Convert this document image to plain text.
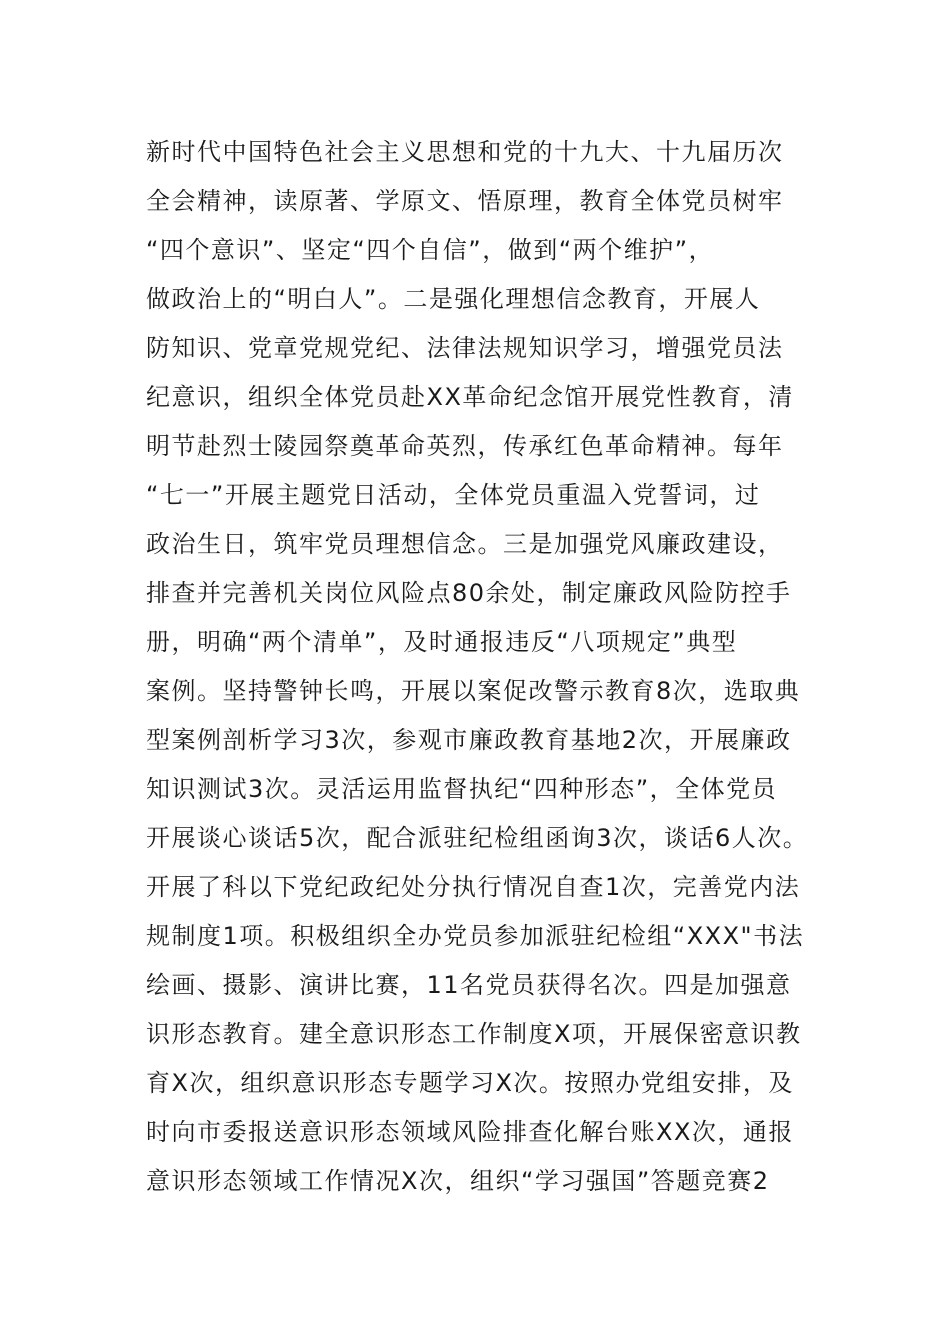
新时代中国特色社会主义思想和党的十九大、十九届历次
全会精神，读原著、学原文、悟原理，教育全体党员树牢
“四个意识”、坚定“四个自信”，做到“两个维护”，
做政治上的“明白人”。二是强化理想信念教育，开展人
防知识、党章党规党纪、法律法规知识学习，增强党员法
纪意识，组织全体党员赴XX革命纪念馆开展党性教育，清
明节赴烈士陵园祭奠革命英烈，传承红色革命精神。每年
“七一”开展主题党日活动，全体党员重温入党誓词，过
政治生日，筑牢党员理想信念。三是加强党风廉政建设，
排查并完善机关岗位风险点80余处，制定廉政风险防控手
册，明确“两个清单”，及时通报违反“八项规定”典型
案例。坚持警钟长鸣，开展以案促改警示教育8次，选取典
型案例剖析学习3次，参观市廉政教育基地2次，开展廉政
知识测试3次。灵活运用监督执纪“四种形态”，全体党员
开展谈心谈话5次，配合派驻纪检组函询3次，谈话6人次。
开展了科以下党纪政纪处分执行情况自查1次，完善党内法
规制度1项。积极组织全办党员参加派驻纪检组“XXX"书法
绘画、摄影、演讲比赛，11名党员获得名次。四是加强意
识形态教育。建全意识形态工作制度X项，开展保密意识教
育X次，组织意识形态专题学习X次。按照办党组安排，及
时向市委报送意识形态领域风险排查化解台账XX次，通报
意识形态领域工作情况X次，组织“学习强国”答题竞赛2
